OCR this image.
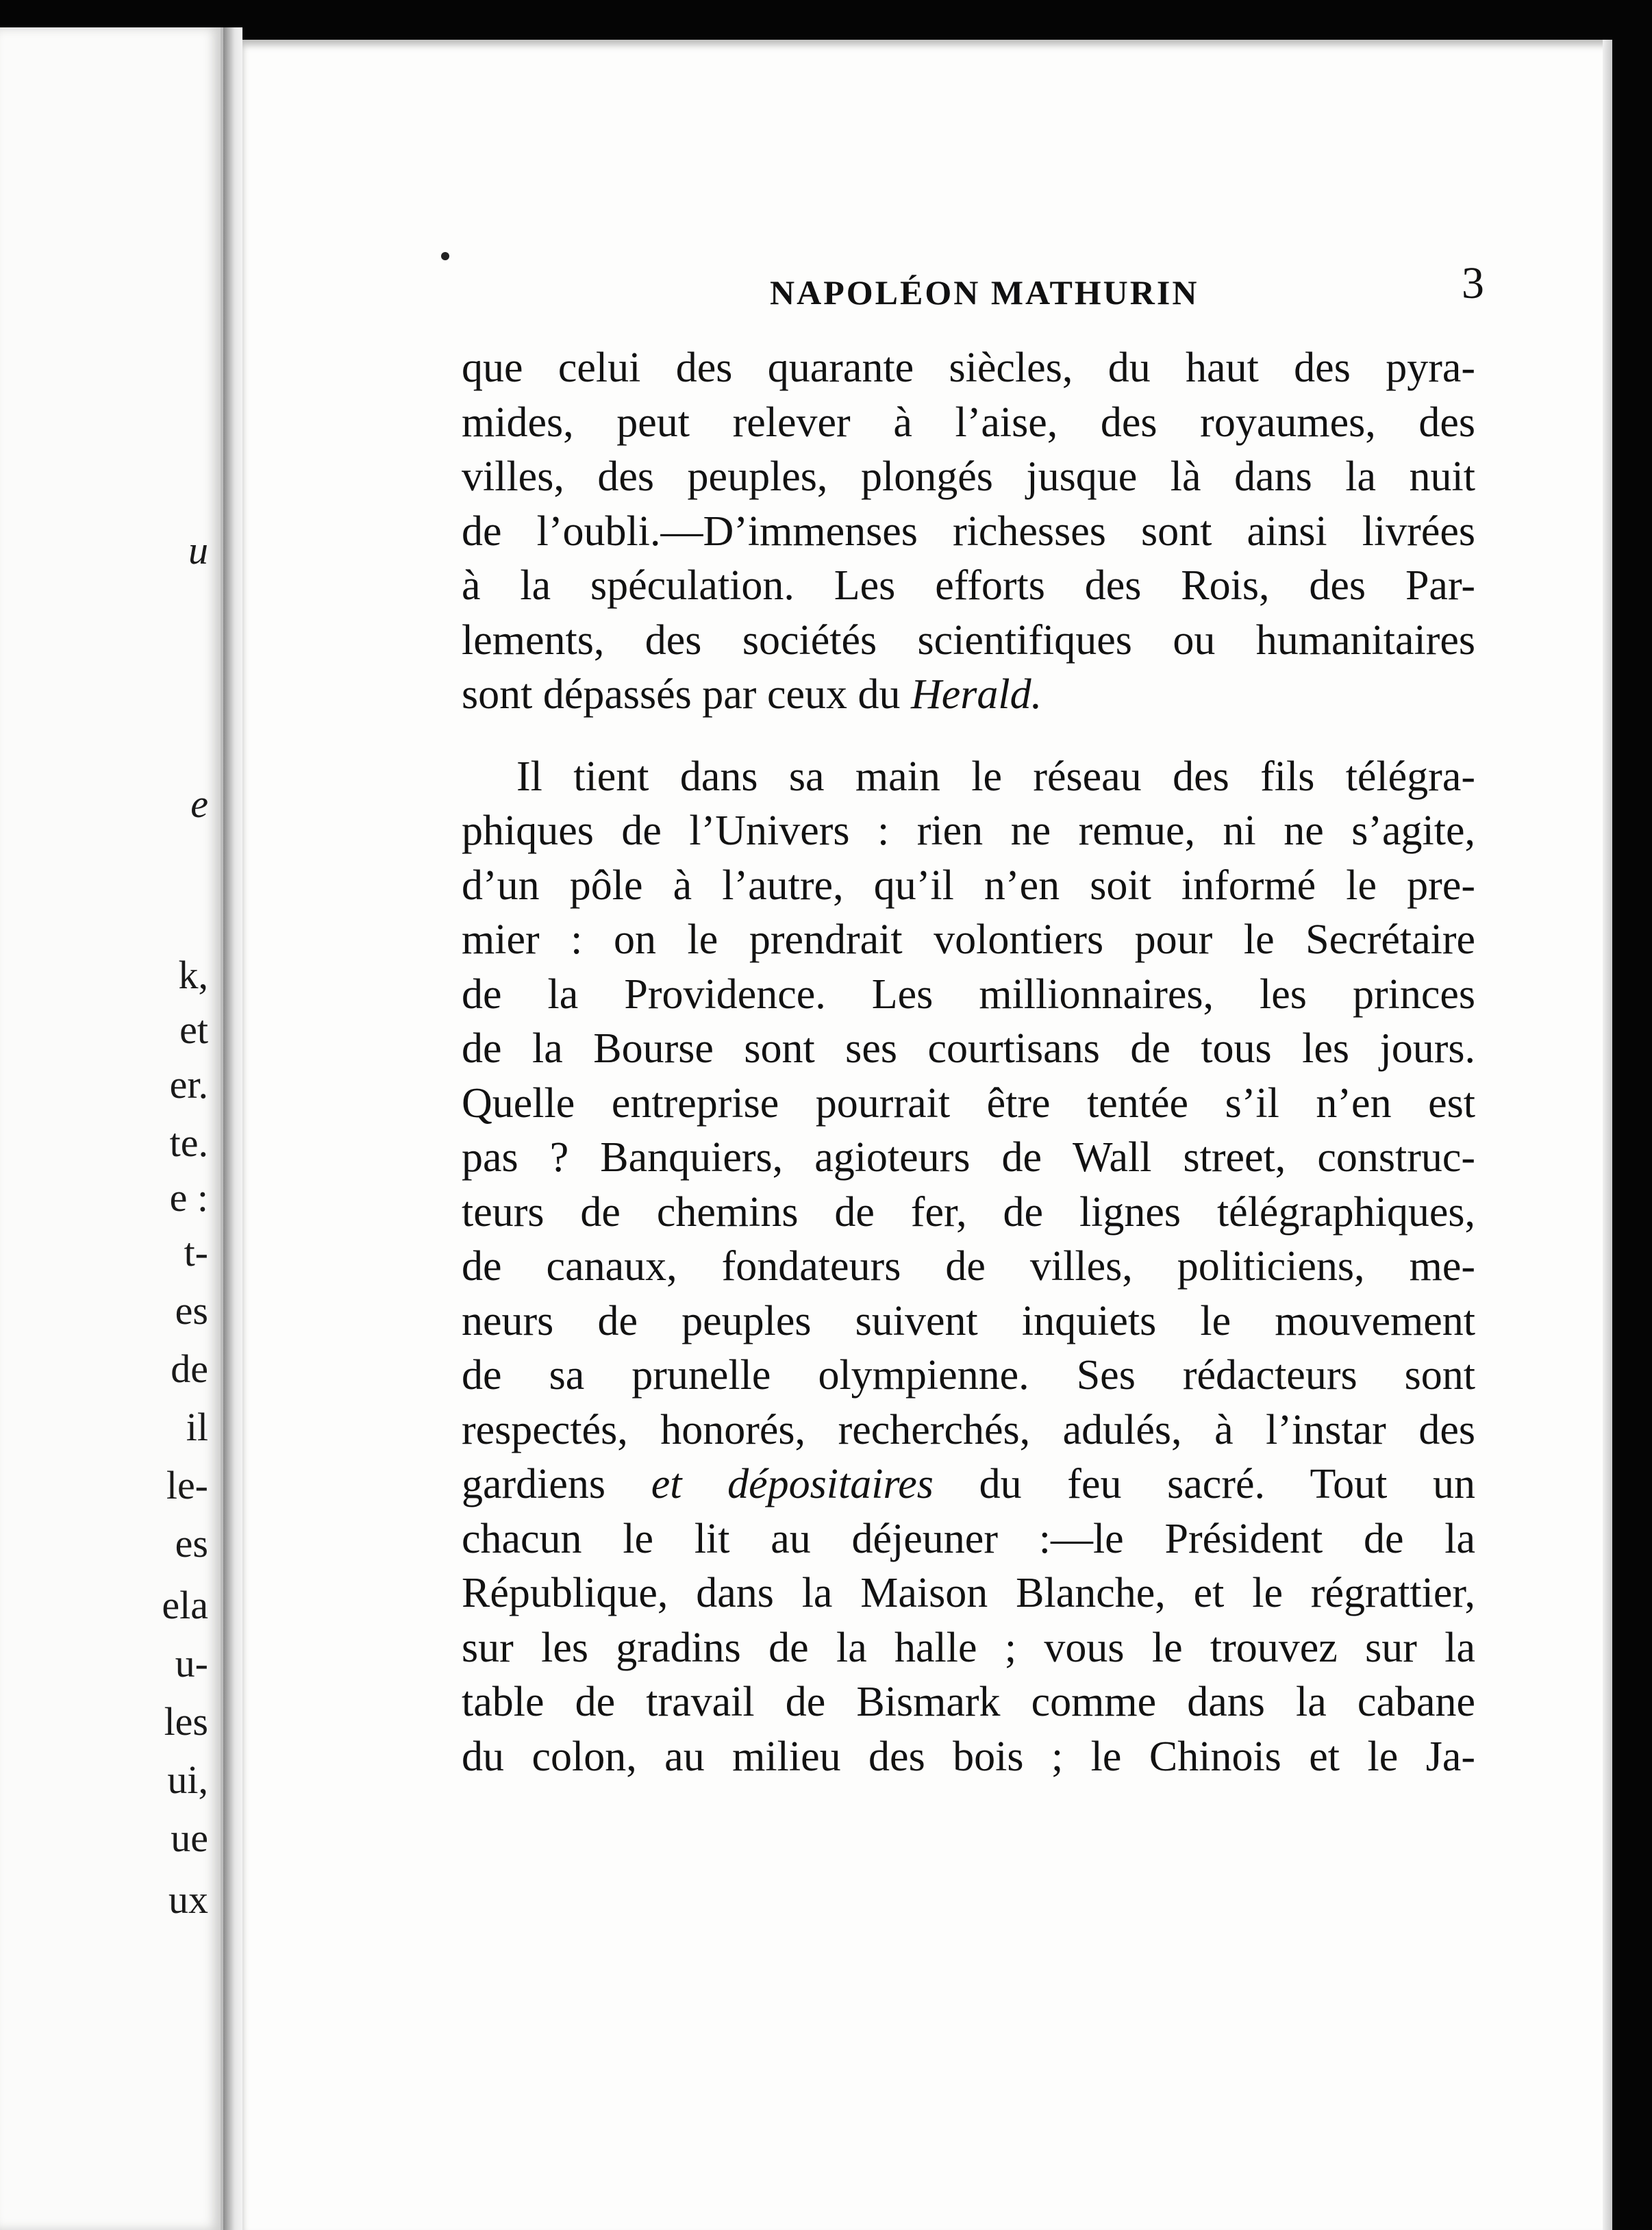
u
e
k,
et
er.
te.
e :
t-
es
de
il
le-
es
ela
u-
les
ui,
ue
ux
NAPOLÉON MATHURIN	3
que celui des quarante siècles, du haut des pyra-
mides, peut relever à l’aise, des royaumes, des
villes, des peuples, plongés jusque là dans la nuit
de l’oubli.—D’immenses richesses sont ainsi livrées
à la spéculation. Les efforts des Rois, des Par-
lements, des sociétés scientifiques ou humanitaires
sont dépassés par ceux du Herald.
Il tient dans sa main le réseau des fils télégra-
phiques de l’Univers : rien ne remue, ni ne s’agite,
d’un pôle à l’autre, qu’il n’en soit informé le pre-
mier : on le prendrait volontiers pour le Secrétaire
de la Providence. Les millionnaires, les princes
de la Bourse sont ses courtisans de tous les jours.
Quelle entreprise pourrait être tentée s’il n’en est
pas ? Banquiers, agioteurs de Wall street, construc-
teurs de chemins de fer, de lignes télégraphiques,
de canaux, fondateurs de villes, politiciens, me-
neurs de peuples suivent inquiets le mouvement
de sa prunelle olympienne. Ses rédacteurs sont
respectés, honorés, recherchés, adulés, à l’instar des
gardiens et dépositaires du feu sacré. Tout un
chacun le lit au déjeuner :—le Président de la
République, dans la Maison Blanche, et le régrattier,
sur les gradins de la halle ; vous le trouvez sur la
table de travail de Bismark comme dans la cabane
du colon, au milieu des bois ; le Chinois et le Ja-
